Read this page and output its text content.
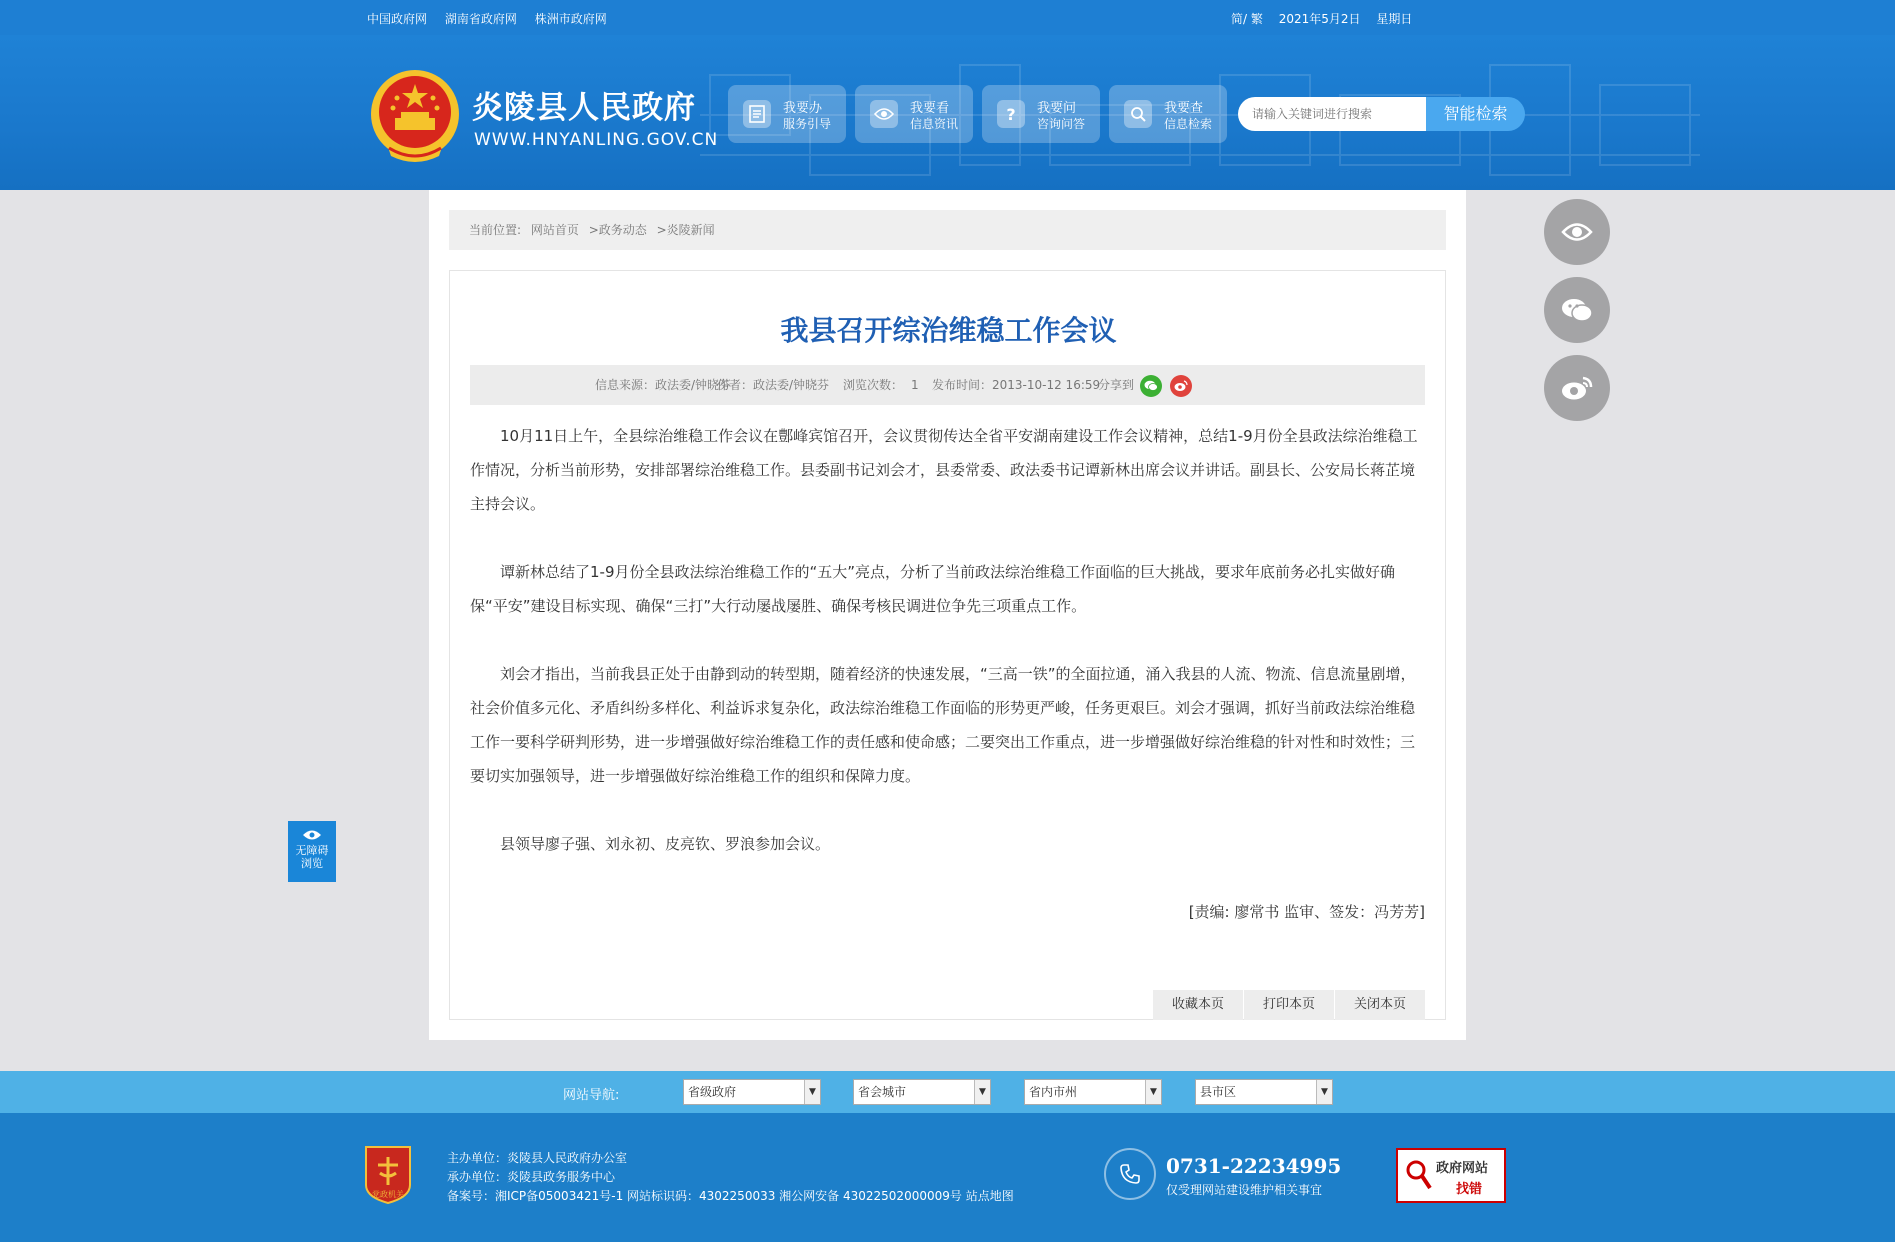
中国政府网 湖南省政府网 株洲市政府网	简/ 繁 2021年5月2日 星期日
炎陵县人民政府
WWW.HNYANLING.GOV.CN
我要办
服务引导
我要看
信息资讯
?	我要问
咨询问答
我要查
信息检索
请输入关键词进行搜索
智能检索
当前位置: 网站首页 >政务动态 >炎陵新闻
我县召开综治维稳工作会议
信息来源：政法委/钟晓芬
作者：政法委/钟晓芬 浏览次数： 1 发布时间：2013-10-12 16:59
分享到

10月11日上午，全县综治维稳工作会议在鄷峰宾馆召开，会议贯彻传达全省平安湖南建设工作会议精神，总结1-9月份全县政法综治维稳工作情况，分析当前形势，安排部署综治维稳工作。县委副书记刘会才，县委常委、政法委书记谭新林出席会议并讲话。副县长、公安局长蒋芷境主持会议。

谭新林总结了1-9月份全县政法综治维稳工作的“五大”亮点，分析了当前政法综治维稳工作面临的巨大挑战，要求年底前务必扎实做好确保“平安”建设目标实现、确保“三打”大行动屡战屡胜、确保考核民调进位争先三项重点工作。

刘会才指出，当前我县正处于由静到动的转型期，随着经济的快速发展，“三高一铁”的全面拉通，涌入我县的人流、物流、信息流量剧增，社会价值多元化、矛盾纠纷多样化、利益诉求复杂化，政法综治维稳工作面临的形势更严峻，任务更艰巨。刘会才强调，抓好当前政法综治维稳工作一要科学研判形势，进一步增强做好综治维稳工作的责任感和使命感；二要突出工作重点，进一步增强做好综治维稳的针对性和时效性；三要切实加强领导，进一步增强做好综治维稳工作的组织和保障力度。

县领导廖子强、刘永初、皮亮钦、罗浪参加会议。

[责编: 廖常书 监审、签发：冯芳芳]

收藏本页	打印本页	关闭本页
无障碍
浏览
网站导航:	省级政府	▼	省会城市	▼	省内市州	▼	县市区	▼
党政机关
主办单位：炎陵县人民政府办公室
承办单位：炎陵县政务服务中心
备案号：湘ICP备05003421号-1 网站标识码：4302250033 湘公网安备 43022502000009号 站点地图
0731-22234995
仅受理网站建设维护相关事宜
政府网站
找错
